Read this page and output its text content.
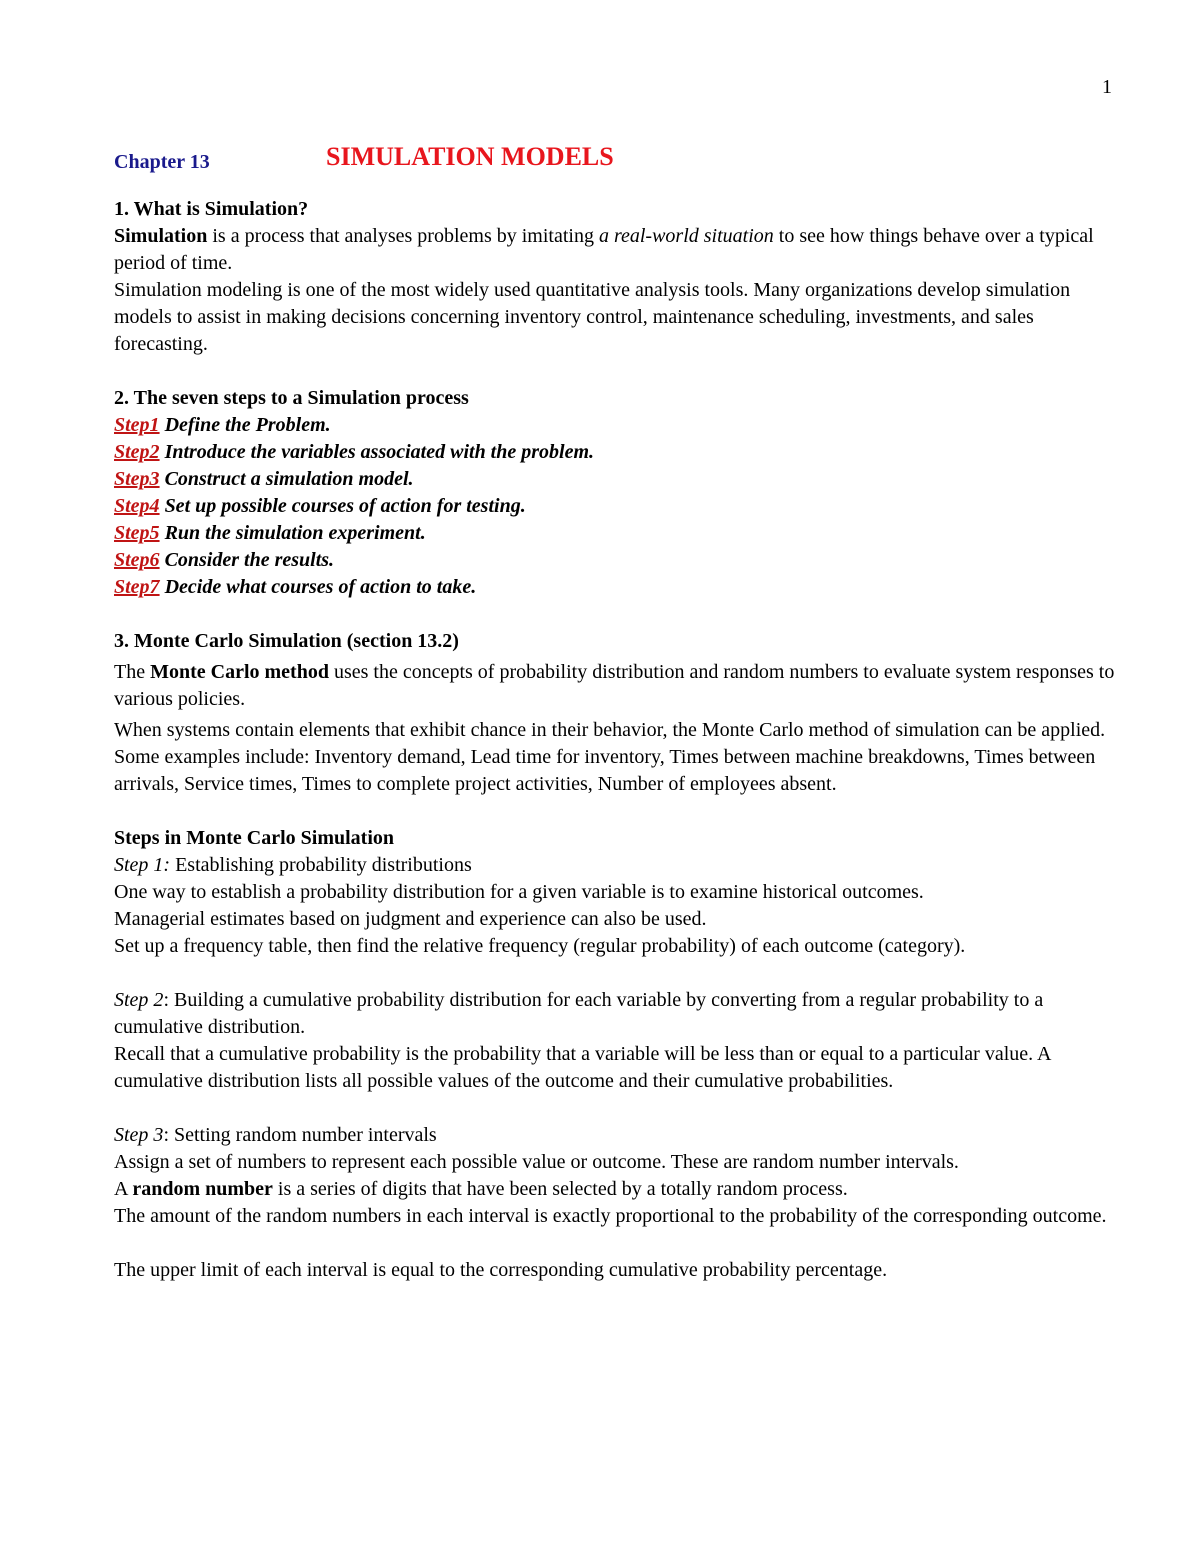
1
Chapter 13	SIMULATION MODELS

1. What is Simulation?

Simulation is a process that analyses problems by imitating a real-world situation to see how things behave over a typical period of time.

Simulation modeling is one of the most widely used quantitative analysis tools. Many organizations develop simulation models to assist in making decisions concerning inventory control, maintenance scheduling, investments, and sales forecasting.

2. The seven steps to a Simulation process

Step1 Define the Problem.

Step2 Introduce the variables associated with the problem.

Step3 Construct a simulation model.

Step4 Set up possible courses of action for testing.

Step5 Run the simulation experiment.

Step6 Consider the results.

Step7 Decide what courses of action to take.

3. Monte Carlo Simulation (section 13.2)

The Monte Carlo method uses the concepts of probability distribution and random numbers to evaluate system responses to various policies.

When systems contain elements that exhibit chance in their behavior, the Monte Carlo method of simulation can be applied. Some examples include: Inventory demand, Lead time for inventory, Times between machine breakdowns, Times between arrivals, Service times, Times to complete project activities, Number of employees absent.

Steps in Monte Carlo Simulation

Step 1: Establishing probability distributions

One way to establish a probability distribution for a given variable is to examine historical outcomes.

Managerial estimates based on judgment and experience can also be used.

Set up a frequency table, then find the relative frequency (regular probability) of each outcome (category).

Step 2: Building a cumulative probability distribution for each variable by converting from a regular probability to a cumulative distribution.

Recall that a cumulative probability is the probability that a variable will be less than or equal to a particular value. A cumulative distribution lists all possible values of the outcome and their cumulative probabilities.

Step 3: Setting random number intervals

Assign a set of numbers to represent each possible value or outcome. These are random number intervals.

A random number is a series of digits that have been selected by a totally random process.

The amount of the random numbers in each interval is exactly proportional to the probability of the corresponding outcome.

The upper limit of each interval is equal to the corresponding cumulative probability percentage.
